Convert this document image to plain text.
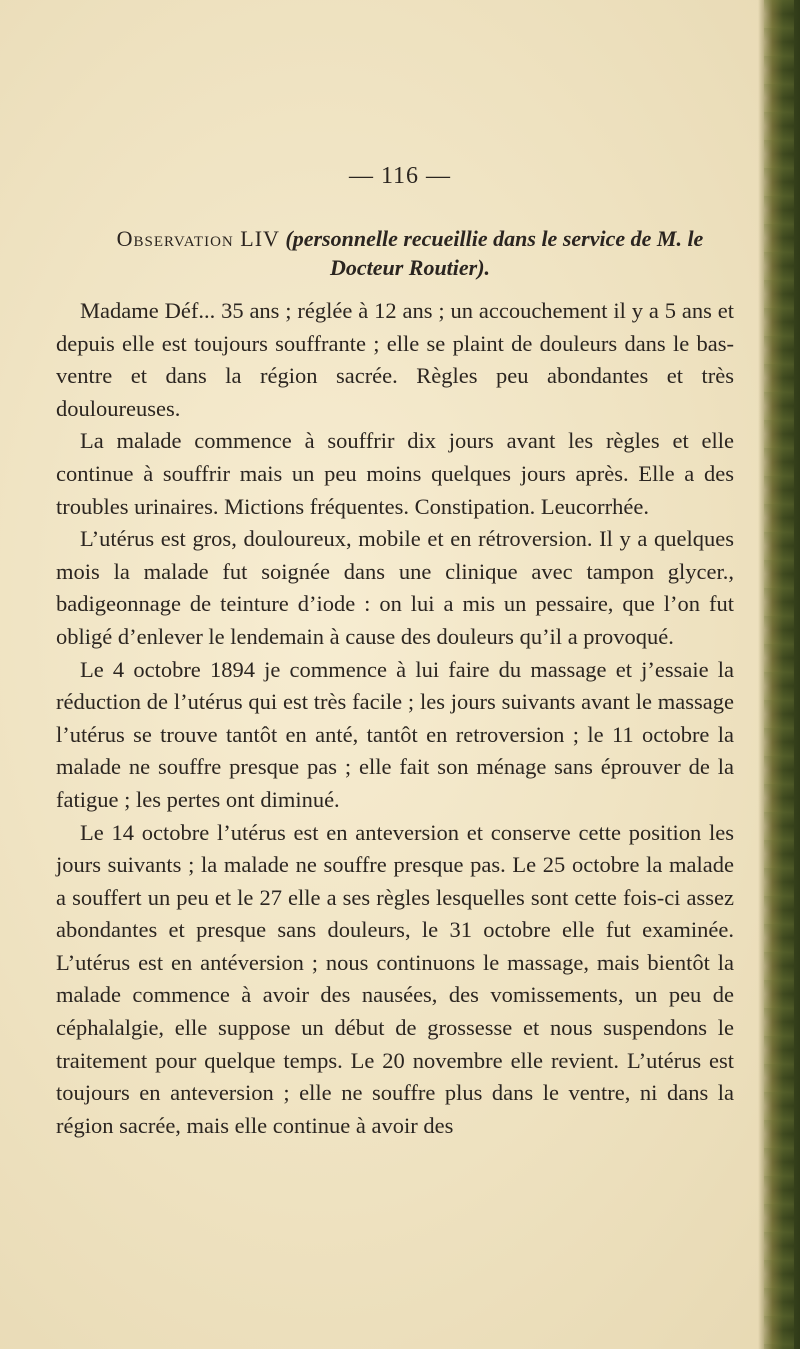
— 116 —
Observation LIV (personnelle recueillie dans le service de M. le
Docteur Routier).

Madame Déf... 35 ans ; réglée à 12 ans ; un accouchement il y a 5 ans et depuis elle est toujours souffrante ; elle se plaint de douleurs dans le bas-ventre et dans la région sacrée. Règles peu abondantes et très douloureuses.

La malade commence à souffrir dix jours avant les règles et elle continue à souffrir mais un peu moins quelques jours après. Elle a des troubles urinaires. Mictions fréquentes. Constipation. Leucorrhée.

L’utérus est gros, douloureux, mobile et en rétroversion. Il y a quelques mois la malade fut soignée dans une clinique avec tampon glycer., badigeonnage de teinture d’iode : on lui a mis un pessaire, que l’on fut obligé d’enlever le lendemain à cause des douleurs qu’il a provoqué.

Le 4 octobre 1894 je commence à lui faire du massage et j’essaie la réduction de l’utérus qui est très facile ; les jours suivants avant le massage l’utérus se trouve tantôt en anté, tantôt en retroversion ; le 11 octobre la malade ne souffre presque pas ; elle fait son ménage sans éprouver de la fatigue ; les pertes ont diminué.

Le 14 octobre l’utérus est en anteversion et conserve cette position les jours suivants ; la malade ne souffre presque pas. Le 25 octobre la malade a souffert un peu et le 27 elle a ses règles lesquelles sont cette fois-ci assez abondantes et presque sans douleurs, le 31 octobre elle fut examinée. L’utérus est en antéversion ; nous continuons le massage, mais bientôt la malade commence à avoir des nausées, des vomissements, un peu de céphalalgie, elle suppose un début de grossesse et nous suspendons le traitement pour quelque temps. Le 20 novembre elle revient. L’utérus est toujours en anteversion ; elle ne souffre plus dans le ventre, ni dans la région sacrée, mais elle continue à avoir des
